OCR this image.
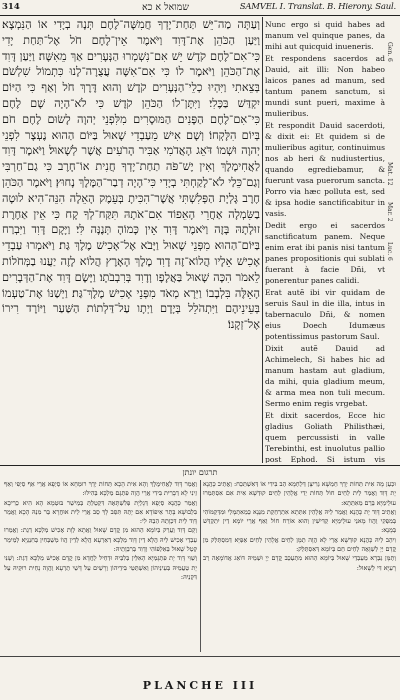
314	שמואל א כא	SAMVEL I. Translat. B. Hierony. Saul.

וְעַתָּה מַה־יֵּשׁ תַּחַת־יָדְךָ חֲמִשָּׁה־לֶחֶם תְּנָה בְיָדִי אוֹ הַנִּמְצָא׃ וַיַּעַן הַכֹּהֵן אֶת־דָּוִד וַיֹּאמֶר אֵין־לֶחֶם חֹל אֶל־תַּחַת יָדִי כִּי־אִם־לֶחֶם קֹדֶשׁ יֵשׁ אִם־נִשְׁמְרוּ הַנְּעָרִים אַךְ מֵאִשָּׁה׃ וַיַּעַן דָּוִד אֶת־הַכֹּהֵן וַיֹּאמֶר לוֹ כִּי אִם־אִשָּׁה עֲצֻרָה־לָנוּ כִּתְמוֹל שִׁלְשֹׁם בְּצֵאתִי וַיִּהְיוּ כְלֵי־הַנְּעָרִים קֹדֶשׁ וְהוּא דֶּרֶךְ חֹל וְאַף כִּי הַיּוֹם יִקְדַּשׁ בַּכֶּלִי׃ וַיִּתֶּן־לוֹ הַכֹּהֵן קֹדֶשׁ כִּי לֹא־הָיָה שָׁם לֶחֶם כִּי־אִם־לֶחֶם הַפָּנִים הַמּוּסָרִים מִלִּפְנֵי יְהוָה לָשׂוּם לֶחֶם חֹם בְּיוֹם הִלָּקְחוֹ׃ וְשָׁם אִישׁ מֵעַבְדֵי שָׁאוּל בַּיּוֹם הַהוּא נֶעְצָר לִפְנֵי יְהוָה וּשְׁמוֹ דֹּאֵג הָאֲדֹמִי אַבִּיר הָרֹעִים אֲשֶׁר לְשָׁאוּל׃ וַיֹּאמֶר דָּוִד לַאֲחִימֶלֶךְ וְאִין יֶשׁ־פֹּה תַחַת־יָדְךָ חֲנִית אוֹ־חָרֶב כִּי גַם־חַרְבִּי וְגַם־כֵּלַי לֹא־לָקַחְתִּי בְיָדִי כִּי־הָיָה דְבַר־הַמֶּלֶךְ נָחוּץ׃ וַיֹּאמֶר הַכֹּהֵן חֶרֶב גָּלְיָת הַפְּלִשְׁתִּי אֲשֶׁר־הִכִּיתָ בְּעֵמֶק הָאֵלָה הִנֵּה־הִיא לוּטָה בַשִּׂמְלָה אַחֲרֵי הָאֵפוֹד אִם־אֹתָהּ תִּקַּח־לְךָ קָח כִּי אֵין אַחֶרֶת זוּלָתָהּ בָּזֶה וַיֹּאמֶר דָּוִד אֵין כָּמוֹהָ תְּנֶנָּה לִּי׃ וַיָּקָם דָּוִד וַיִּבְרַח בַּיּוֹם־הַהוּא מִפְּנֵי שָׁאוּל וַיָּבֹא אֶל־אָכִישׁ מֶלֶךְ גַּת׃ וַיֹּאמְרוּ עַבְדֵי אָכִישׁ אֵלָיו הֲלוֹא־זֶה דָוִד מֶלֶךְ הָאָרֶץ הֲלוֹא לָזֶה יַעֲנוּ בַמְּחֹלוֹת לֵאמֹר הִכָּה שָׁאוּל בַּאֲלָפָו וְדָוִד בְּרִבְבֹתָו׃ וַיָּשֶׂם דָּוִד אֶת־הַדְּבָרִים הָאֵלֶּה בִּלְבָבוֹ וַיִּרָא מְאֹד מִפְּנֵי אָכִישׁ מֶלֶךְ־גַּת׃ וַיְשַׁנּוֹ אֶת־טַעְמוֹ בְּעֵינֵיהֶם וַיִּתְהֹלֵל בְּיָדָם וַיְתָו עַל־דַּלְתוֹת הַשַּׁעַר וַיּוֹרֶד רִירוֹ אֶל־זְקָנוֹ׃

Nunc ergo si quid habes ad manum vel quinque panes, da mihi aut quicquid inueneris.

Et respondens sacerdos ad Dauid, ait illi: Non habeo laicos panes ad manum, sed tantum panem sanctum, si mundi sunt pueri, maxime à mulieribus.

Et respondit Dauid sacerdoti, & dixit ei: Et quidem si de mulieribus agitur, continuimus nos ab heri & nudiustertius, quando egrediebamur, & fuerunt vasa puerorum sancta. Porro via hæc polluta est, sed & ipsa hodie sanctificabitur in vasis.

Dedit ergo ei sacerdos sanctificatum panem. Neque enim erat ibi panis nisi tantum panes propositionis qui sublati fuerant à facie Dñi, vt ponerentur panes calidi.

Erat autẽ ibi vir quidam de seruis Saul in die illa, intus in tabernaculo Dñi, & nomen eius Doech Idumæus potentissimus pastorum Saul.

Dixit autẽ Dauid ad Achimelech, Si habes hic ad manum hastam aut gladium, da mihi, quia gladium meum, & arma mea non tuli mecum. Sermo enim regis vrgebat.

Et dixit sacerdos, Ecce hic gladius Goliath Philisthæi, quem percussisti in valle Terebinthi, est inuolutus pallio post Ephod. Si istum vis

Gen. 6
Mat. 12
Mar. 2
Luc. 6
תרגום יונתן

וּכְעַן מָה אִית תְּחוֹת יְדָךְ חַמְשָׁא גְרִיצָן דְּלַחְמָא הַב בִּידִי אוֹ דְּאִשְׁתְּכַח: וַאֲתֵיב כָּהֲנָא יָת דָּוִד וַאֲמַר לֵית לְחֵים חוֹל תְּחוֹת יְדִי אֱלָהֵין לְחֵים קוּדְשָׁא אִית אִם אִסְתְּמַרוּ עוּלֵימַיָּא בְּרַם מֵאִתְּתָא:

וַאֲתֵיב דָּוִד יָת כָּהֲנָא וַאֲמַר לֵיהּ אֱלָהֵין אִתְּתָא אִתְרְחַקַת מִנַּנָא כְּמֵאִתְמָלֵי וּמִדְּקַמּוֹהִי בְּמִפְקִי וַהֲווֹ מָאנֵי עוּלֵימַיָּא קַדִּישִׁין וְהוּא אוֹרַח חוֹל וְאַף אֲרֵי יוֹמָא דֵין יִתְקַדַּשׁ בְּמָנָא:

וִיהַב לֵיהּ כָּהֲנָא קוּדְשָׁא אֲרֵי לָא הֲוָה תַמָּן לְחֵים אֱלָהֵין לְחֵים אַפַּיָּא דְּמִסְתַּלַּק מִן קֳדָם יְיָ לְשַׁוָּאָה לְחֵים חַם בְּיוֹמָא דְּאִסְתַּלַּק:

וְתַמָּן גַּבְרָא מֵעַבְדֵי שָׁאוּל בְּיוֹמָא הַהוּא מִתְעַכַּב קֳדָם יְיָ וּשְׁמֵיהּ דּוֹאֵג אֲדוֹמָאָה רַב רָעַיָּא דִּי לְשָׁאוּל:

וַאֲמַר דָּוִד לַאֲחִימֶלֶךְ וְהָא אִית הָכָא תְּחוֹת יְדָךְ רוּמְחָא אוֹ סַיְפָא אֲרֵי אַף סַיְפִי וְאַף זֵינִי לָא דְבָרִית בִּידִי אֲרֵי הֲוָה פִּתְגָּם מַלְכָּא בְּהִילוּ:

וַאֲמַר כָּהֲנָא סַיְפָא דְּגָלְיָת פְּלִשְׁתָּאָה דִּקְטַלְתְּ בְּמֵישַׁר בּוּטְמָא הָא הִיא כְרִיכָא בִּלְבוּשָׁא בָּתַר אֵיפוֹדָא אִם יָתַהּ תִּסַּב לָךְ סַב אֲרֵי לֵית אוּחֲרָא בַּר מִנַּהּ הָכָא וַאֲמַר דָּוִד לֵית דִּכְוָתַהּ הַבַהּ לִי:

וְקָם דָּוִד וַעֲרַק בְּיוֹמָא הַהוּא מִן קֳדָם שָׁאוּל וַאֲתָא לְוָת אָכִישׁ מַלְכָּא דְגַת: וַאֲמַרוּ עַבְדֵי אָכִישׁ לֵיהּ הֲלָא דֵין דָּוִד מַלְכָּא דְאַרְעָא הֲלָא לְדֵין הֲווֹ מְשַׁבְּחִין בְּחִנְגַּיָּא לְמֵימַר קְטַל שָׁאוּל בְּאַלְפּוֹהִי וְדָוִד בְּרִבְוָתֵיהּ:

וְשַׁוִּי דָּוִד יָת פִּתְגָּמַיָּא הָאִלֵּין בְּלִבֵּיהּ וּדְחֵיל לַחֲדָא מִן קֳדָם אָכִישׁ מַלְכָּא דְגַת: וְשַׁנִּי יָת טַעֲמֵיהּ בְּעֵינֵיהוֹן וְאִשְׁתַּטֵּי בִּידֵיהוֹן וְרָשֵׁים עַל דָּשֵׁי תַרְעָא וַהֲוָה נָחֵית רוּקֵיהּ עַל דִּקְנֵיהּ:

PLANCHE III
